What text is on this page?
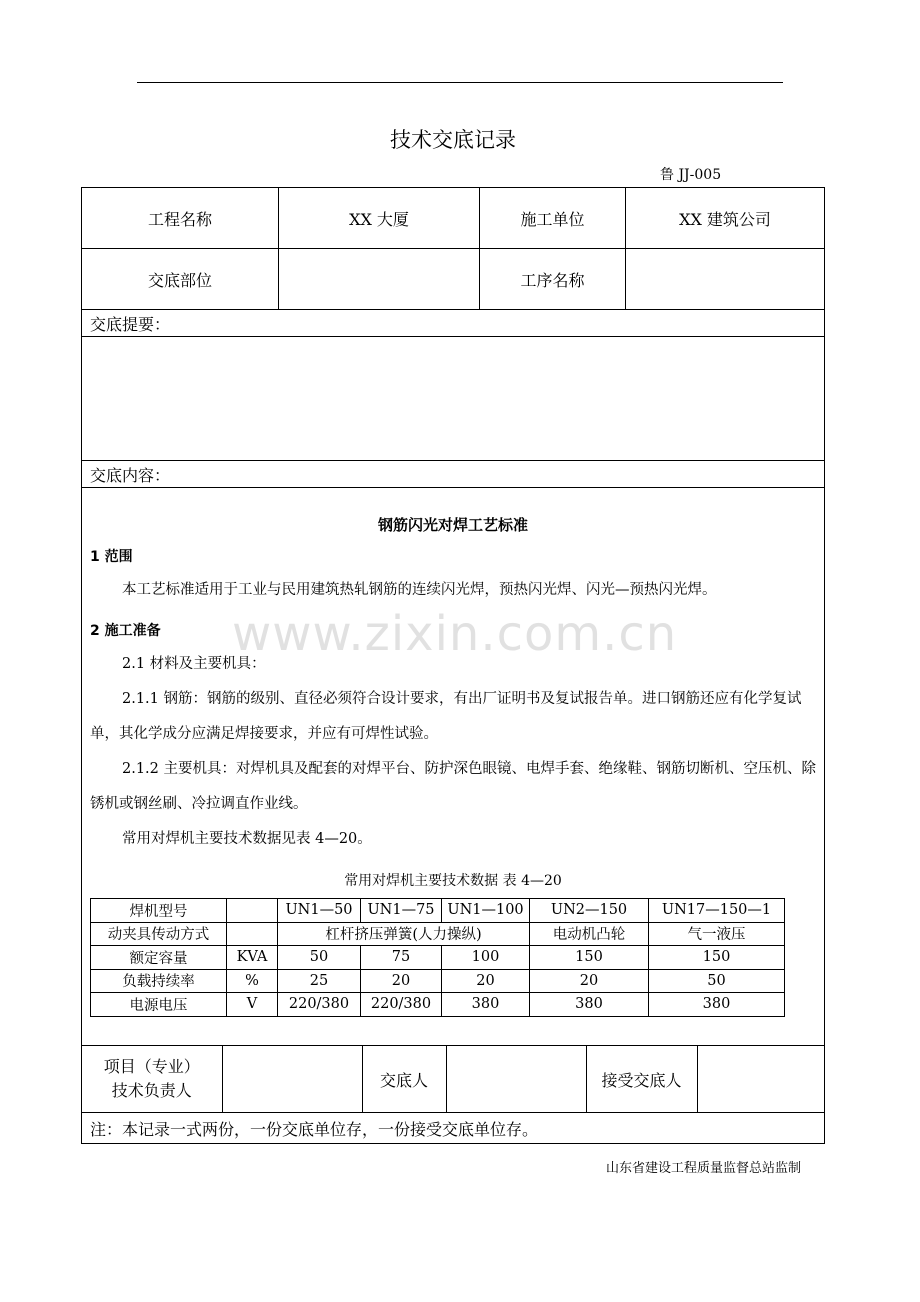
技术交底记录
鲁 JJ-005
工程名称	XX 大厦	施工单位	XX 建筑公司
交底部位		工序名称	
交底提要：

交底内容：

钢筋闪光对焊工艺标准
1 范围

本工艺标准适用于工业与民用建筑热轧钢筋的连续闪光焊，预热闪光焊、闪光—预热闪光焊。

2 施工准备

2.1 材料及主要机具：

2.1.1 钢筋：钢筋的级别、直径必须符合设计要求，有出厂证明书及复试报告单。进口钢筋还应有化学复试单，其化学成分应满足焊接要求，并应有可焊性试验。

2.1.2 主要机具：对焊机具及配套的对焊平台、防护深色眼镜、电焊手套、绝缘鞋、钢筋切断机、空压机、除锈机或钢丝刷、冷拉调直作业线。

常用对焊机主要技术数据见表 4—20。

常用对焊机主要技术数据 表 4—20
焊机型号		UN1—50	UN1—75	UN1—100	UN2—150	UN17—150—1
动夹具传动方式		杠杆挤压弹簧(人力操纵)	电动机凸轮	气一液压
额定容量	KVA	50	75	100	150	150
负载持续率	%	25	20	20	20	50
电源电压	V	220/380	220/380	380	380	380

项目（专业）
技术负责人
		交底人		接受交底人	

注：本记录一式两份，一份交底单位存，一份接受交底单位存。
山东省建设工程质量监督总站监制
www.zixin.com.cn
